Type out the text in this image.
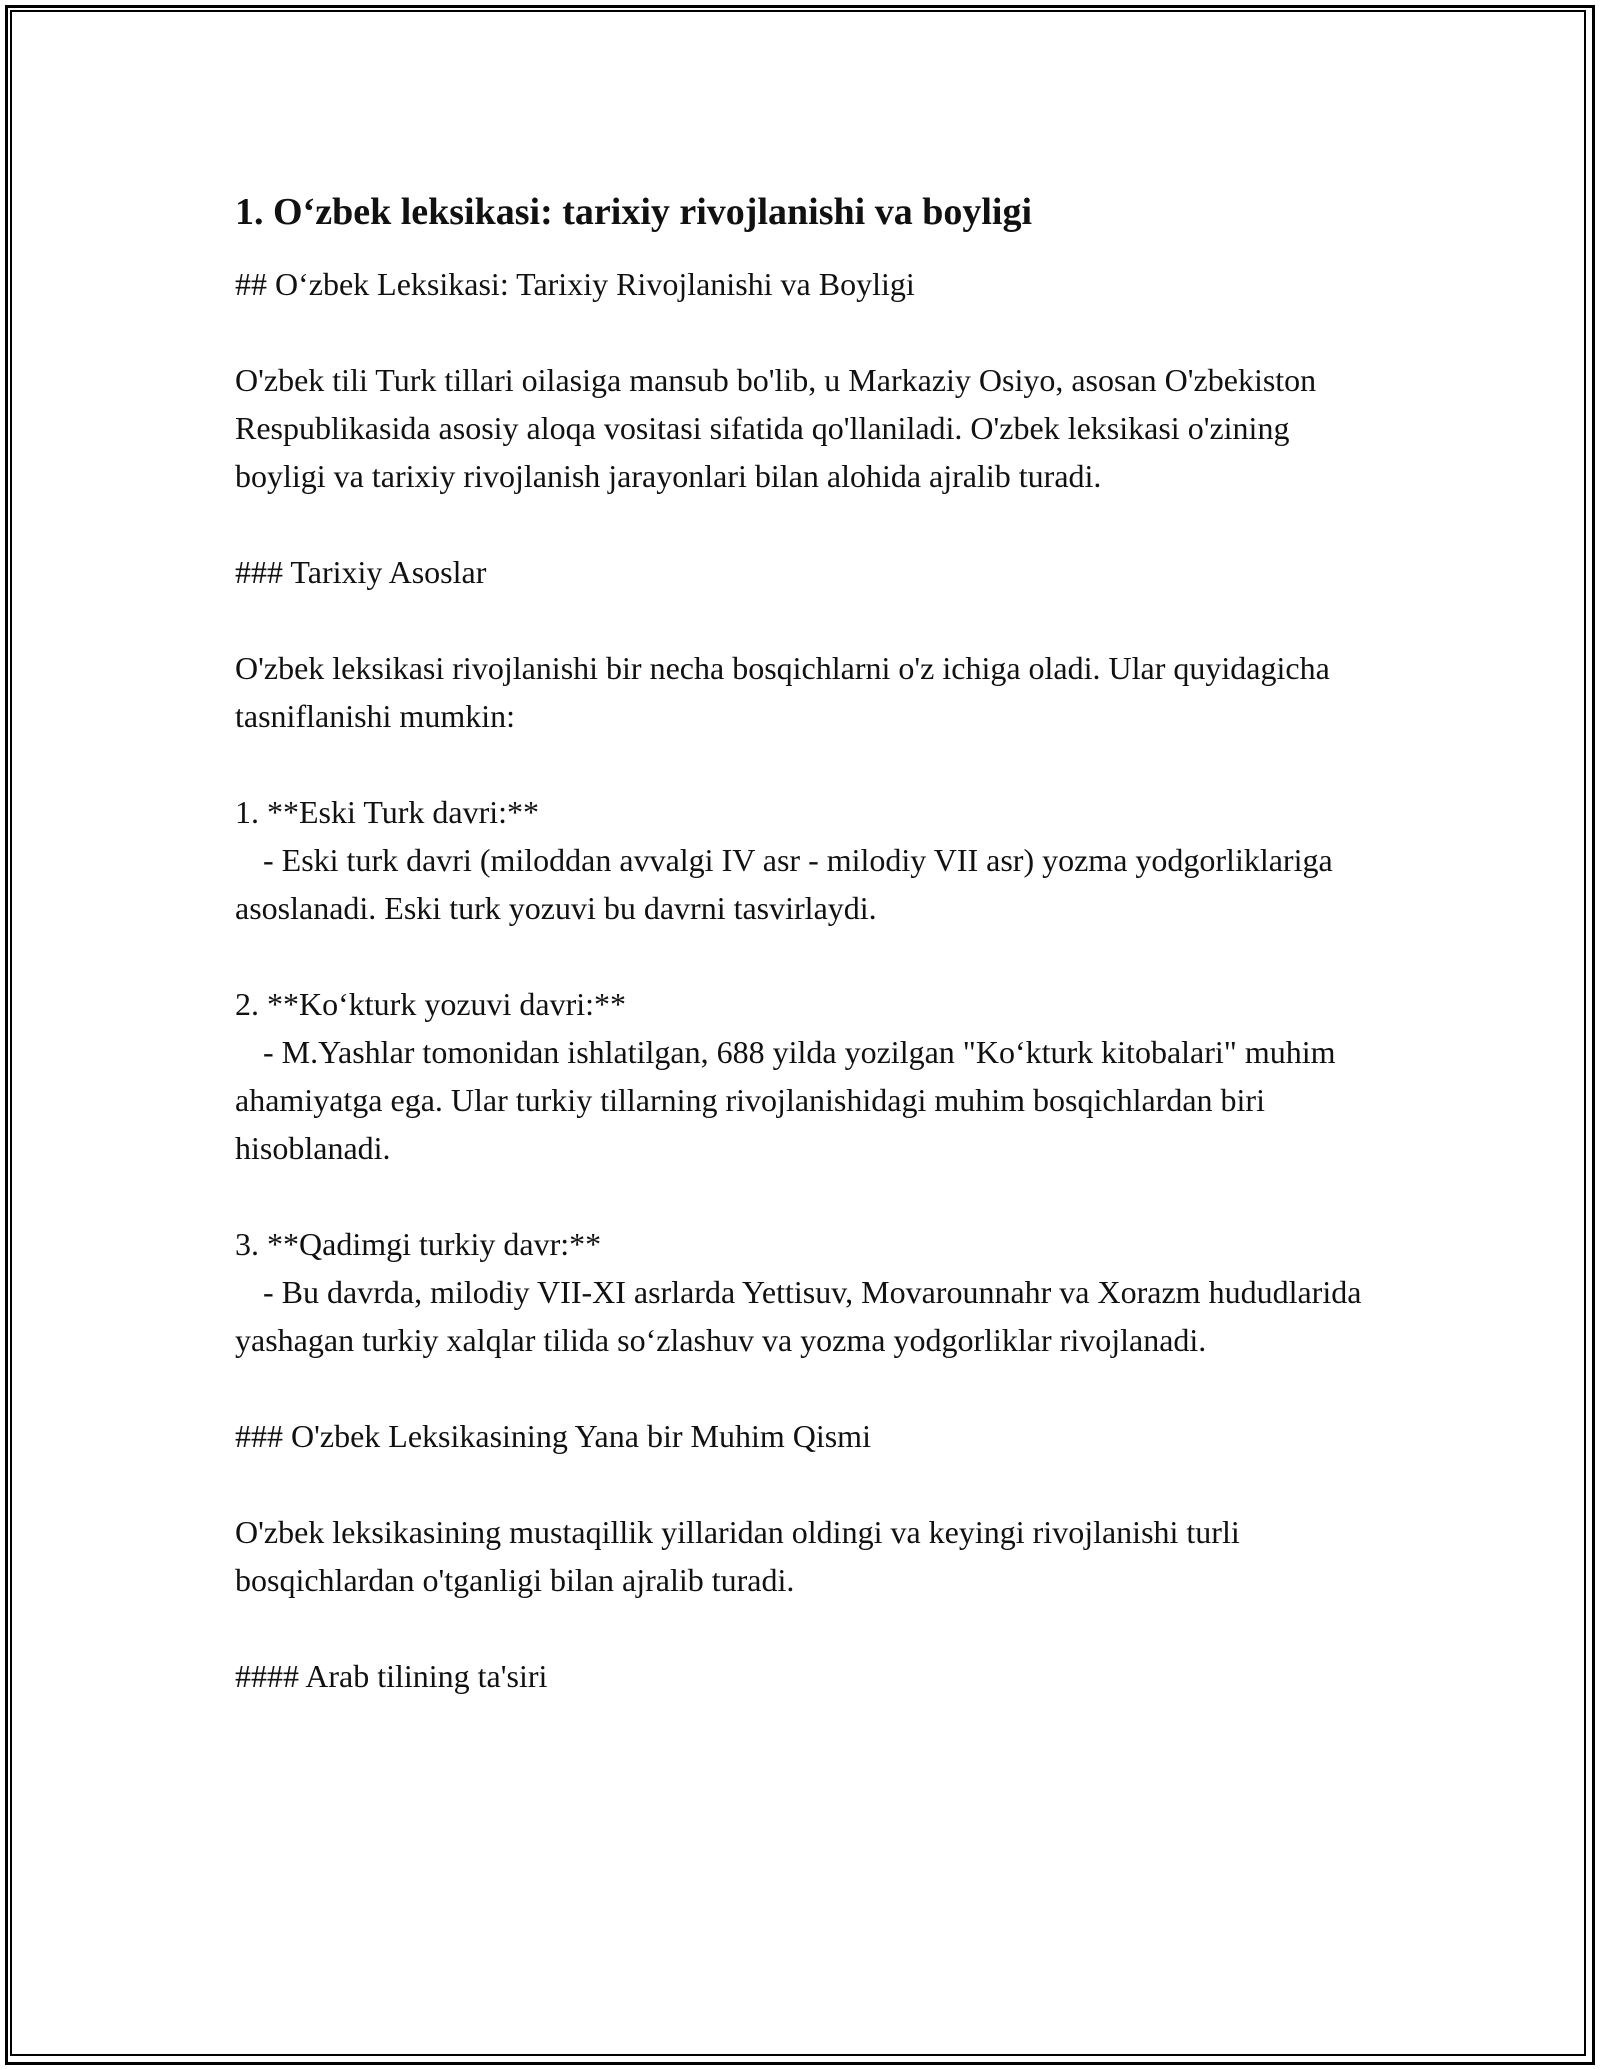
1. O‘zbek leksikasi: tarixiy rivojlanishi va boyligi

## O‘zbek Leksikasi: Tarixiy Rivojlanishi va Boyligi

O'zbek tili Turk tillari oilasiga mansub bo'lib, u Markaziy Osiyo, asosan O'zbekiston Respublikasida asosiy aloqa vositasi sifatida qo'llaniladi. O'zbek leksikasi o'zining boyligi va tarixiy rivojlanish jarayonlari bilan alohida ajralib turadi.

### Tarixiy Asoslar

O'zbek leksikasi rivojlanishi bir necha bosqichlarni o'z ichiga oladi. Ular quyidagicha tasniflanishi mumkin:

1. **Eski Turk davri:**

- Eski turk davri (miloddan avvalgi IV asr - milodiy VII asr) yozma yodgorliklariga asoslanadi. Eski turk yozuvi bu davrni tasvirlaydi.

2. **Ko‘kturk yozuvi davri:**

- M.Yashlar tomonidan ishlatilgan, 688 yilda yozilgan "Ko‘kturk kitobalari" muhim ahamiyatga ega. Ular turkiy tillarning rivojlanishidagi muhim bosqichlardan biri hisoblanadi.

3. **Qadimgi turkiy davr:**

- Bu davrda, milodiy VII-XI asrlarda Yettisuv, Movarounnahr va Xorazm hududlarida yashagan turkiy xalqlar tilida so‘zlashuv va yozma yodgorliklar rivojlanadi.

### O'zbek Leksikasining Yana bir Muhim Qismi

O'zbek leksikasining mustaqillik yillaridan oldingi va keyingi rivojlanishi turli bosqichlardan o'tganligi bilan ajralib turadi.

#### Arab tilining ta'siri
